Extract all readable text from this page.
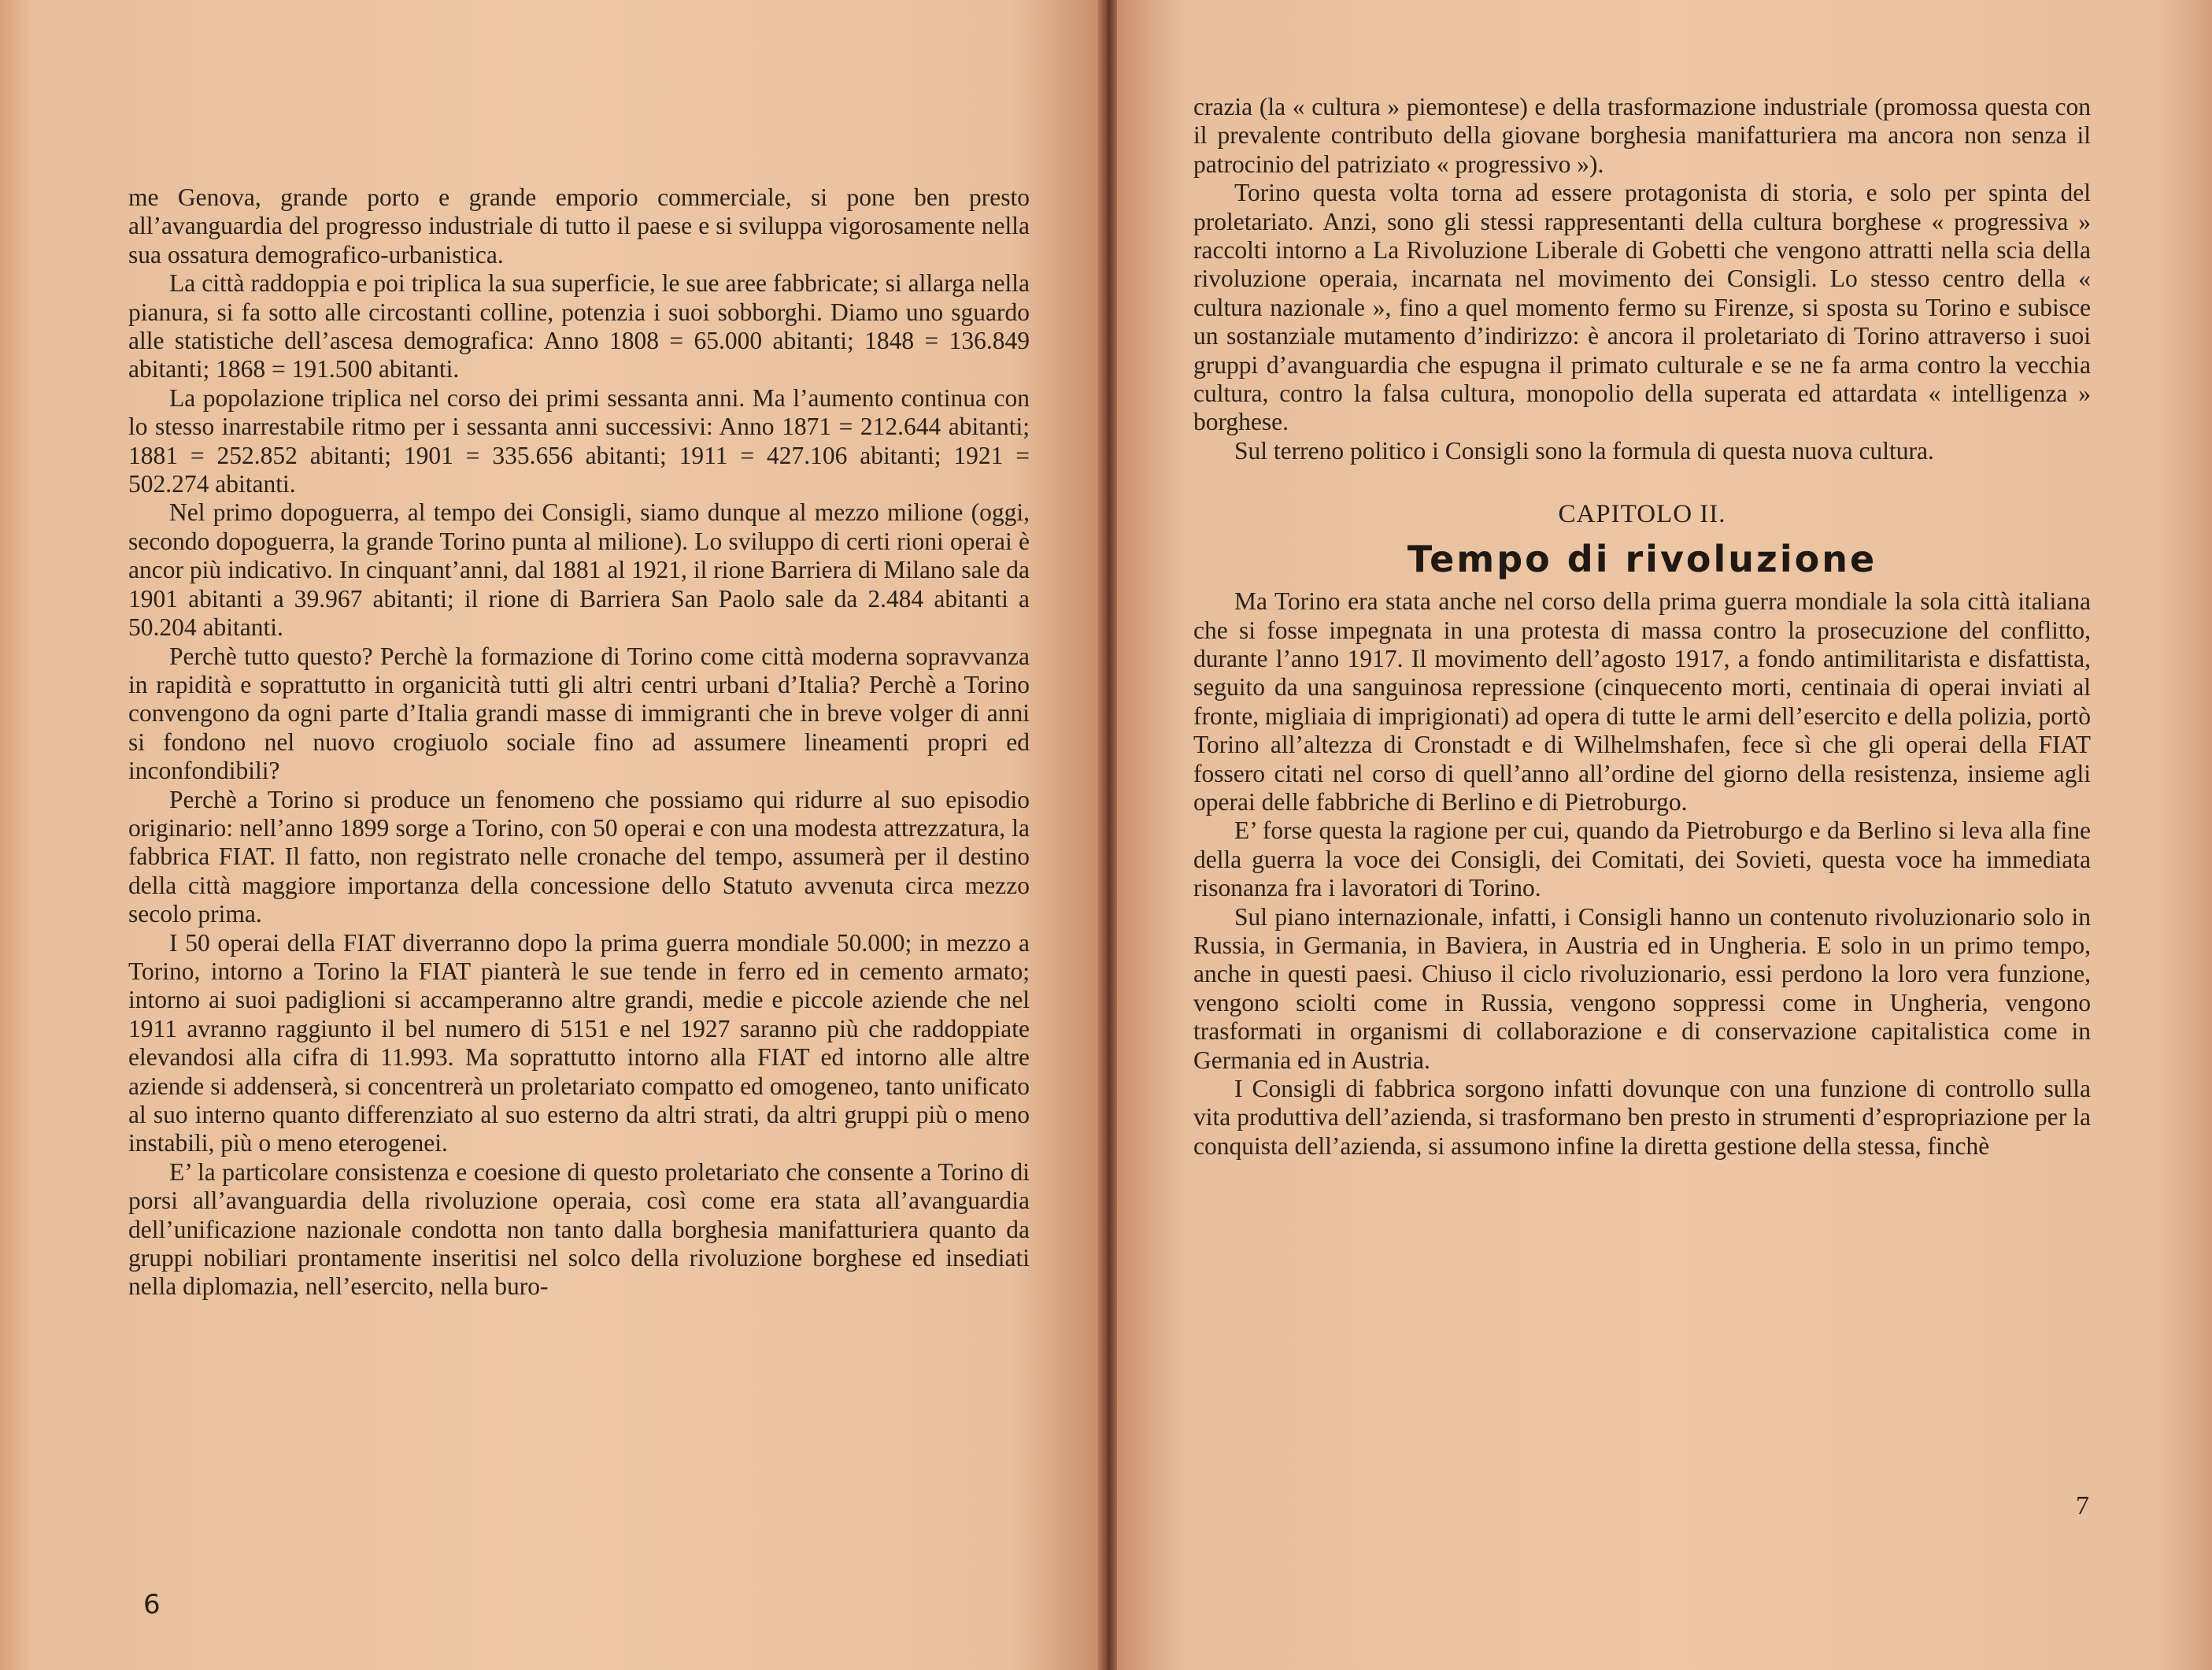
me Genova, grande porto e grande emporio commerciale, si pone ben presto all’avanguardia del progresso industriale di tutto il paese e si sviluppa vigorosamente nella sua ossatura demografico-urbanistica.

La città raddoppia e poi triplica la sua superficie, le sue aree fabbricate; si allarga nella pianura, si fa sotto alle circostanti colline, potenzia i suoi sobborghi. Diamo uno sguardo alle statistiche dell’ascesa demografica: Anno 1808 = 65.000 abitanti; 1848 = 136.849 abitanti; 1868 = 191.500 abitanti.

La popolazione triplica nel corso dei primi sessanta anni. Ma l’aumento continua con lo stesso inarrestabile ritmo per i sessanta anni successivi: Anno 1871 = 212.644 abitanti; 1881 = 252.852 abitanti; 1901 = 335.656 abitanti; 1911 = 427.106 abitanti; 1921 = 502.274 abitanti.

Nel primo dopoguerra, al tempo dei Consigli, siamo dunque al mezzo milione (oggi, secondo dopoguerra, la grande Torino punta al milione). Lo sviluppo di certi rioni operai è ancor più indicativo. In cinquant’anni, dal 1881 al 1921, il rione Barriera di Milano sale da 1901 abitanti a 39.967 abitanti; il rione di Barriera San Paolo sale da 2.484 abitanti a 50.204 abitanti.

Perchè tutto questo? Perchè la formazione di Torino come città moderna sopravvanza in rapidità e soprattutto in organicità tutti gli altri centri urbani d’Italia? Perchè a Torino convengono da ogni parte d’Italia grandi masse di immigranti che in breve volger di anni si fondono nel nuovo crogiuolo sociale fino ad assumere lineamenti propri ed inconfondibili?

Perchè a Torino si produce un fenomeno che possiamo qui ridurre al suo episodio originario: nell’anno 1899 sorge a Torino, con 50 operai e con una modesta attrezzatura, la fabbrica FIAT. Il fatto, non registrato nelle cronache del tempo, assumerà per il destino della città maggiore importanza della concessione dello Statuto avvenuta circa mezzo secolo prima.

I 50 operai della FIAT diverranno dopo la prima guerra mondiale 50.000; in mezzo a Torino, intorno a Torino la FIAT pianterà le sue tende in ferro ed in cemento armato; intorno ai suoi padiglioni si accamperanno altre grandi, medie e piccole aziende che nel 1911 avranno raggiunto il bel numero di 5151 e nel 1927 saranno più che raddoppiate elevandosi alla cifra di 11.993. Ma soprattutto intorno alla FIAT ed intorno alle altre aziende si addenserà, si concentrerà un proletariato compatto ed omogeneo, tanto unificato al suo interno quanto differenziato al suo esterno da altri strati, da altri gruppi più o meno instabili, più o meno eterogenei.

E’ la particolare consistenza e coesione di questo proletariato che consente a Torino di porsi all’avanguardia della rivoluzione operaia, così come era stata all’avanguardia dell’unificazione nazionale condotta non tanto dalla borghesia manifatturiera quanto da gruppi nobiliari prontamente inseritisi nel solco della rivoluzione borghese ed insediati nella diplomazia, nell’esercito, nella buro-

6

crazia (la « cultura » piemontese) e della trasformazione industriale (promossa questa con il prevalente contributo della giovane borghesia manifatturiera ma ancora non senza il patrocinio del patriziato « progressivo »).

Torino questa volta torna ad essere protagonista di storia, e solo per spinta del proletariato. Anzi, sono gli stessi rappresentanti della cultura borghese « progressiva » raccolti intorno a La Rivoluzione Liberale di Gobetti che vengono attratti nella scia della rivoluzione operaia, incarnata nel movimento dei Consigli. Lo stesso centro della « cultura nazionale », fino a quel momento fermo su Firenze, si sposta su Torino e subisce un sostanziale mutamento d’indirizzo: è ancora il proletariato di Torino attraverso i suoi gruppi d’avanguardia che espugna il primato culturale e se ne fa arma contro la vecchia cultura, contro la falsa cultura, monopolio della superata ed attardata « intelligenza » borghese.

Sul terreno politico i Consigli sono la formula di questa nuova cultura.

CAPITOLO II.
Tempo di rivoluzione

Ma Torino era stata anche nel corso della prima guerra mondiale la sola città italiana che si fosse impegnata in una protesta di massa contro la prosecuzione del conflitto, durante l’anno 1917. Il movimento dell’agosto 1917, a fondo antimilitarista e disfattista, seguito da una sanguinosa repressione (cinquecento morti, centinaia di operai inviati al fronte, migliaia di imprigionati) ad opera di tutte le armi dell’esercito e della polizia, portò Torino all’altezza di Cronstadt e di Wilhelmshafen, fece sì che gli operai della FIAT fossero citati nel corso di quell’anno all’ordine del giorno della resistenza, insieme agli operai delle fabbriche di Berlino e di Pietroburgo.

E’ forse questa la ragione per cui, quando da Pietroburgo e da Berlino si leva alla fine della guerra la voce dei Consigli, dei Comitati, dei Sovieti, questa voce ha immediata risonanza fra i lavoratori di Torino.

Sul piano internazionale, infatti, i Consigli hanno un contenuto rivoluzionario solo in Russia, in Germania, in Baviera, in Austria ed in Ungheria. E solo in un primo tempo, anche in questi paesi. Chiuso il ciclo rivoluzionario, essi perdono la loro vera funzione, vengono sciolti come in Russia, vengono soppressi come in Ungheria, vengono trasformati in organismi di collaborazione e di conservazione capitalistica come in Germania ed in Austria.

I Consigli di fabbrica sorgono infatti dovunque con una funzione di controllo sulla vita produttiva dell’azienda, si trasformano ben presto in strumenti d’espropriazione per la conquista dell’azienda, si assumono infine la diretta gestione della stessa, finchè

7
